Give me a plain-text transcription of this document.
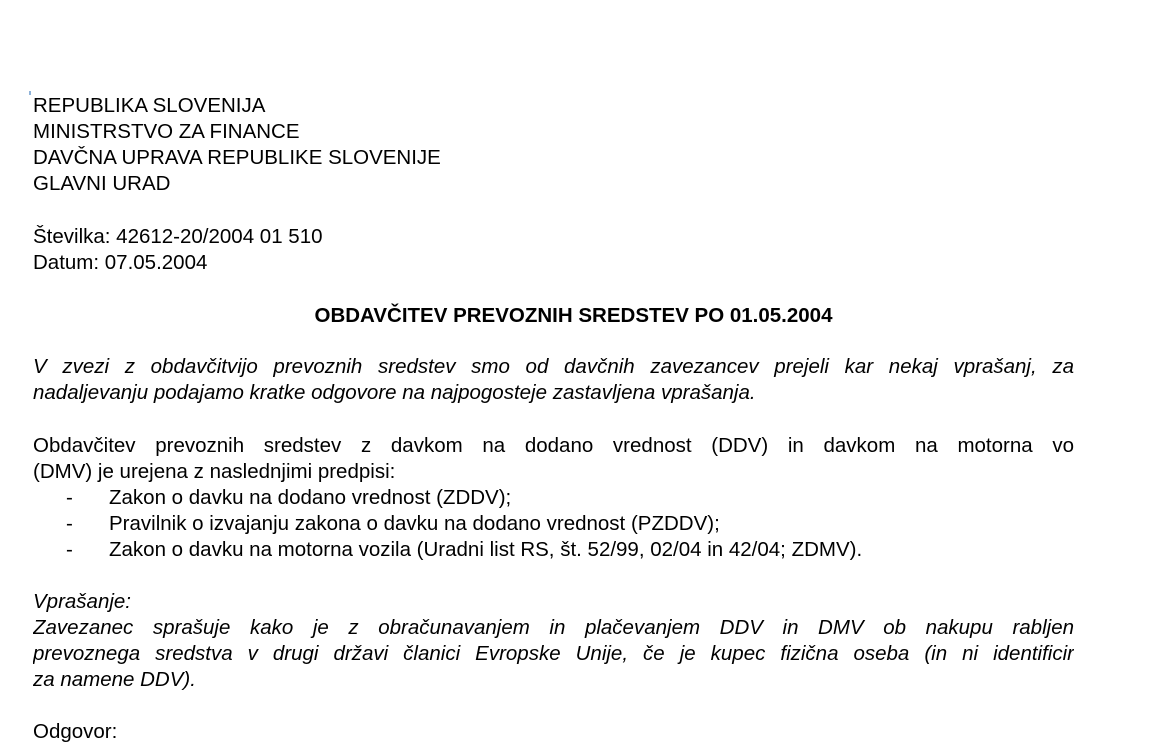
REPUBLIKA SLOVENIJA
MINISTRSTVO ZA FINANCE
DAVČNA UPRAVA REPUBLIKE SLOVENIJE
GLAVNI URAD
Številka: 42612-20/2004 01 510
Datum: 07.05.2004
OBDAVČITEV PREVOZNIH SREDSTEV PO 01.05.2004
V zvezi z obdavčitvijo prevoznih sredstev smo od davčnih zavezancev prejeli kar nekaj vprašanj, za
nadaljevanju podajamo kratke odgovore na najpogosteje zastavljena vprašanja.
Obdavčitev prevoznih sredstev z davkom na dodano vrednost (DDV) in davkom na motorna vo
(DMV) je urejena z naslednjimi predpisi:
- Zakon o davku na dodano vrednost (ZDDV);
- Pravilnik o izvajanju zakona o davku na dodano vrednost (PZDDV);
- Zakon o davku na motorna vozila (Uradni list RS, št. 52/99, 02/04 in 42/04; ZDMV).
Vprašanje:
Zavezanec sprašuje kako je z obračunavanjem in plačevanjem DDV in DMV ob nakupu rabljen
prevoznega sredstva v drugi državi članici Evropske Unije, če je kupec fizična oseba (in ni identificir
za namene DDV).
Odgovor:
